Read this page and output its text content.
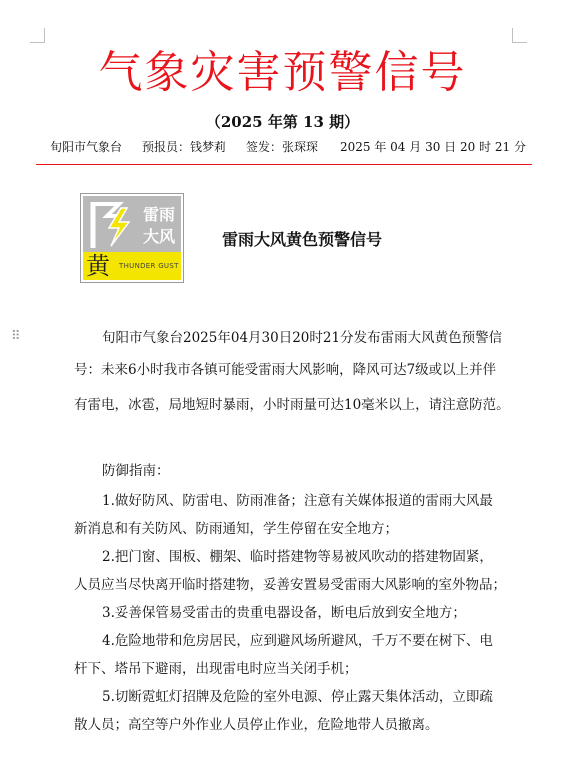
气象灾害预警信号
（2025 年第 13 期）
旬阳市气象台 预报员：钱梦莉 签发：张琛琛 2025 年 04 月 30 日 20 时 21 分
雷雨
大风
黄 THUNDER GUST
雷雨大风黄色预警信号
⠿	旬阳市气象台2025年04月30日20时21分发布雷雨大风黄色预警信
号：未来6小时我市各镇可能受雷雨大风影响，降风可达7级或以上并伴
有雷电，冰雹，局地短时暴雨，小时雨量可达10毫米以上，请注意防范。
防御指南：
1.做好防风、防雷电、防雨准备；注意有关媒体报道的雷雨大风最
新消息和有关防风、防雨通知，学生停留在安全地方；
2.把门窗、围板、棚架、临时搭建物等易被风吹动的搭建物固紧，
人员应当尽快离开临时搭建物，妥善安置易受雷雨大风影响的室外物品；
3.妥善保管易受雷击的贵重电器设备，断电后放到安全地方；
4.危险地带和危房居民，应到避风场所避风，千万不要在树下、电
杆下、塔吊下避雨，出现雷电时应当关闭手机；
5.切断霓虹灯招牌及危险的室外电源、停止露天集体活动，立即疏
散人员；高空等户外作业人员停止作业，危险地带人员撤离。
